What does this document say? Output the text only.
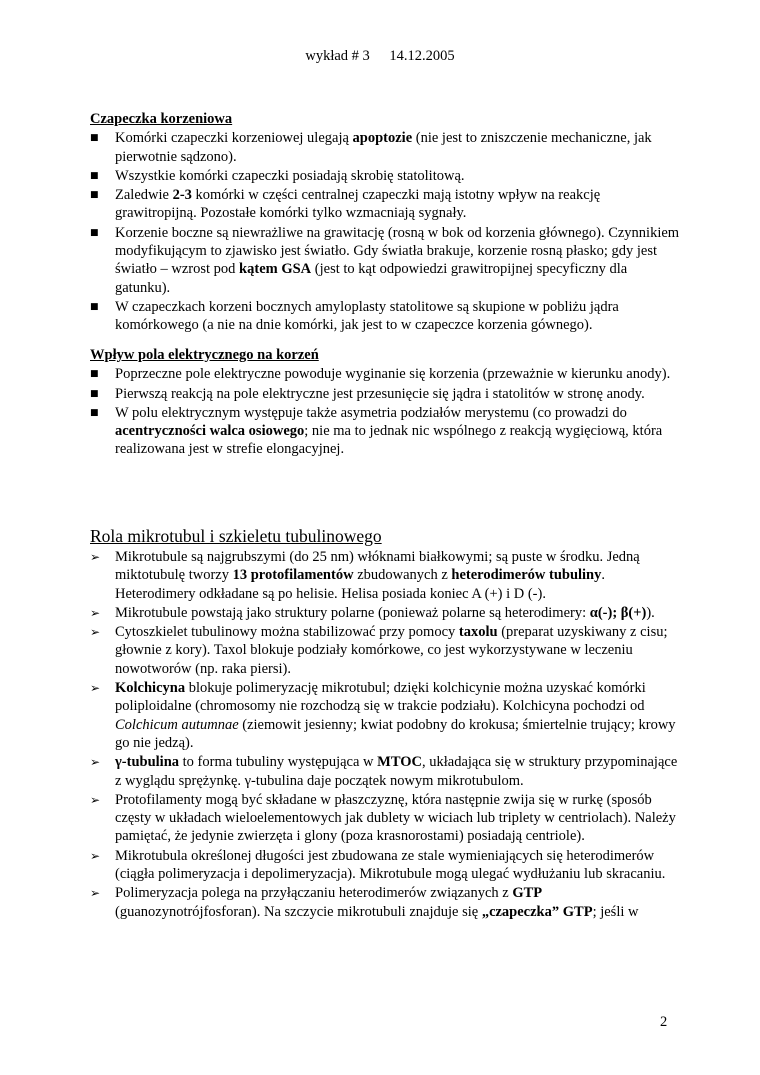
wykład # 3 14.12.2005
Czapeczka korzeniowa
■	Komórki czapeczki korzeniowej ulegają apoptozie (nie jest to zniszczenie mechaniczne, jak pierwotnie sądzono).
■	Wszystkie komórki czapeczki posiadają skrobię statolitową.
■	Zaledwie 2-3 komórki w części centralnej czapeczki mają istotny wpływ na reakcję grawitropijną. Pozostałe komórki tylko wzmacniają sygnały.
■	Korzenie boczne są niewrażliwe na grawitację (rosną w bok od korzenia głównego). Czynnikiem modyfikującym to zjawisko jest światło. Gdy światła brakuje, korzenie rosną płasko; gdy jest światło – wzrost pod kątem GSA (jest to kąt odpowiedzi grawitropijnej specyficzny dla gatunku).
■	W czapeczkach korzeni bocznych amyloplasty statolitowe są skupione w pobliżu jądra komórkowego (a nie na dnie komórki, jak jest to w czapeczce korzenia gównego).
Wpływ pola elektrycznego na korzeń
■	Poprzeczne pole elektryczne powoduje wyginanie się korzenia (przeważnie w kierunku anody).
■	Pierwszą reakcją na pole elektryczne jest przesunięcie się jądra i statolitów w stronę anody.
■	W polu elektrycznym występuje także asymetria podziałów merystemu (co prowadzi do acentryczności walca osiowego; nie ma to jednak nic wspólnego z reakcją wygięciową, która realizowana jest w strefie elongacyjnej.
Rola mikrotubul i szkieletu tubulinowego
➢	Mikrotubule są najgrubszymi (do 25 nm) włóknami białkowymi; są puste w środku. Jedną miktotubulę tworzy 13 protofilamentów zbudowanych z heterodimerów tubuliny. Heterodimery odkładane są po helisie. Helisa posiada koniec A (+) i D (-).
➢	Mikrotubule powstają jako struktury polarne (ponieważ polarne są heterodimery: α(-); β(+)).
➢	Cytoszkielet tubulinowy można stabilizować przy pomocy taxolu (preparat uzyskiwany z cisu; głownie z kory). Taxol blokuje podziały komórkowe, co jest wykorzystywane w leczeniu nowotworów (np. raka piersi).
➢	Kolchicyna blokuje polimeryzację mikrotubul; dzięki kolchicynie można uzyskać komórki poliploidalne (chromosomy nie rozchodzą się w trakcie podziału). Kolchicyna pochodzi od Colchicum autumnae (ziemowit jesienny; kwiat podobny do krokusa; śmiertelnie trujący; krowy go nie jedzą).
➢	γ-tubulina to forma tubuliny występująca w MTOC, układająca się w struktury przypominające z wyglądu sprężynkę. γ-tubulina daje początek nowym mikrotubulom.
➢	Protofilamenty mogą być składane w płaszczyznę, która następnie zwija się w rurkę (sposób częsty w układach wieloelementowych jak dublety w wiciach lub triplety w centriolach). Należy pamiętać, że jedynie zwierzęta i glony (poza krasnorostami) posiadają centriole).
➢	Mikrotubula określonej długości jest zbudowana ze stale wymieniających się heterodimerów (ciągła polimeryzacja i depolimeryzacja). Mikrotubule mogą ulegać wydłużaniu lub skracaniu.
➢	Polimeryzacja polega na przyłączaniu heterodimerów związanych z GTP (guanozynotrójfosforan). Na szczycie mikrotubuli znajduje się „czapeczka” GTP; jeśli w
2
